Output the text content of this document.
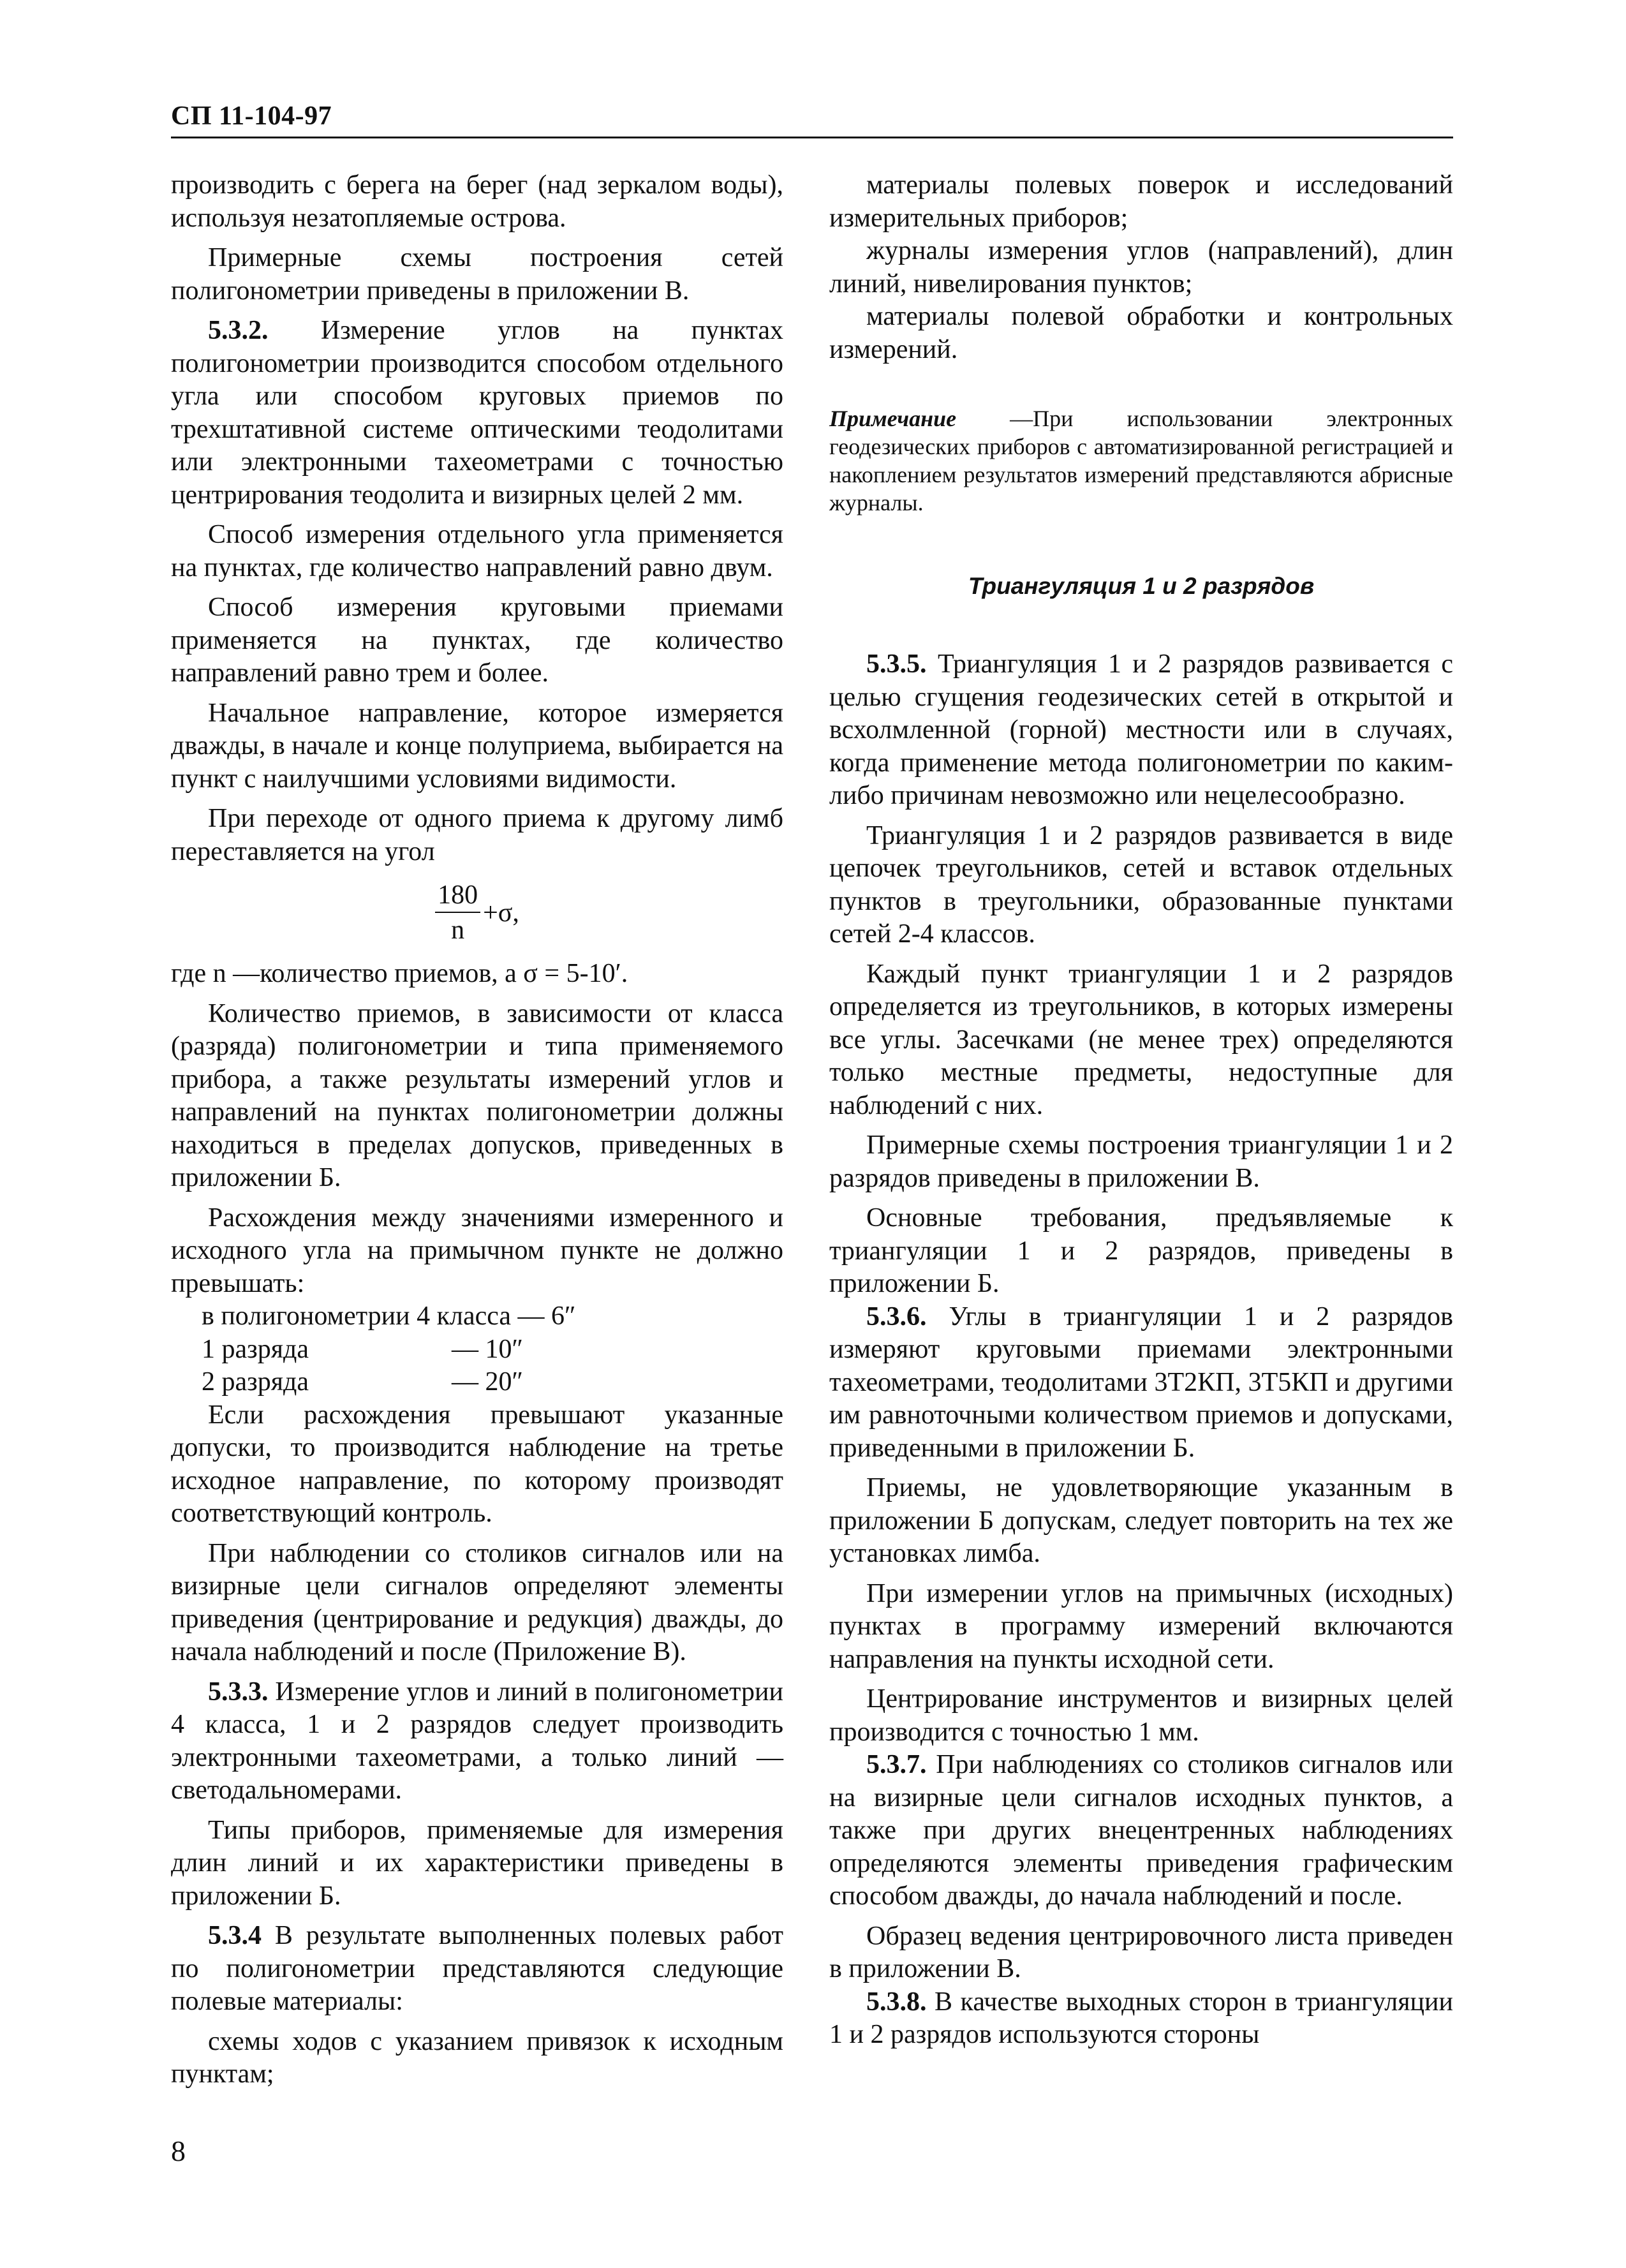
СП 11-104-97

производить с берега на берег (над зеркалом воды), используя незатопляемые острова.

Примерные схемы построения сетей полигонометрии приведены в приложении В.

5.3.2. Измерение углов на пунктах полигонометрии производится способом отдельного угла или способом круговых приемов по трехштативной системе оптическими теодолитами или электронными тахеометрами с точностью центрирования теодолита и визирных целей 2 мм.

Способ измерения отдельного угла применяется на пунктах, где количество направлений равно двум.

Способ измерения круговыми приемами применяется на пунктах, где количество направлений равно трем и более.

Начальное направление, которое измеряется дважды, в начале и конце полуприема, выбирается на пункт с наилучшими условиями видимости.

При переходе от одного приема к другому лимб переставляется на угол

$\frac{180}{n} +\sigma$,

где n —количество приемов, а σ = 5-10′.

Количество приемов, в зависимости от класса (разряда) полигонометрии и типа применяемого прибора, а также результаты измерений углов и направлений на пунктах полигонометрии должны находиться в пределах допусков, приведенных в приложении Б.

Расхождения между значениями измеренного и исходного угла на примычном пункте не должно превышать:

в полигонометрии 4 класса — 6″
1 разряда	— 10″
2 разряда	— 20″

Если расхождения превышают указанные допуски, то производится наблюдение на третье исходное направление, по которому производят соответствующий контроль.

При наблюдении со столиков сигналов или на визирные цели сигналов определяют элементы приведения (центрирование и редукция) дважды, до начала наблюдений и после (Приложение В).

5.3.3. Измерение углов и линий в полигонометрии 4 класса, 1 и 2 разрядов следует производить электронными тахеометрами, а только линий — светодальномерами.

Типы приборов, применяемые для измерения длин линий и их характеристики приведены в приложении Б.

5.3.4 В результате выполненных полевых работ по полигонометрии представляются следующие полевые материалы:

схемы ходов с указанием привязок к исходным пунктам;

материалы полевых поверок и исследований измерительных приборов;

журналы измерения углов (направлений), длин линий, нивелирования пунктов;

материалы полевой обработки и контрольных измерений.

Примечание —При использовании электронных геодезических приборов с автоматизированной регистрацией и накоплением результатов измерений представляются абрисные журналы.

Триангуляция 1 и 2 разрядов

5.3.5. Триангуляция 1 и 2 разрядов развивается с целью сгущения геодезических сетей в открытой и всхолмленной (горной) местности или в случаях, когда применение метода полигонометрии по каким-либо причинам невозможно или нецелесообразно.

Триангуляция 1 и 2 разрядов развивается в виде цепочек треугольников, сетей и вставок отдельных пунктов в треугольники, образованные пунктами сетей 2-4 классов.

Каждый пункт триангуляции 1 и 2 разрядов определяется из треугольников, в которых измерены все углы. Засечками (не менее трех) определяются только местные предметы, недоступные для наблюдений с них.

Примерные схемы построения триангуляции 1 и 2 разрядов приведены в приложении В.

Основные требования, предъявляемые к триангуляции 1 и 2 разрядов, приведены в приложении Б.

5.3.6. Углы в триангуляции 1 и 2 разрядов измеряют круговыми приемами электронными тахеометрами, теодолитами 3Т2КП, 3Т5КП и другими им равноточными количеством приемов и допусками, приведенными в приложении Б.

Приемы, не удовлетворяющие указанным в приложении Б допускам, следует повторить на тех же установках лимба.

При измерении углов на примычных (исходных) пунктах в программу измерений включаются направления на пункты исходной сети.

Центрирование инструментов и визирных целей производится с точностью 1 мм.

5.3.7. При наблюдениях со столиков сигналов или на визирные цели сигналов исходных пунктов, а также при других внецентренных наблюдениях определяются элементы приведения графическим способом дважды, до начала наблюдений и после.

Образец ведения центрировочного листа приведен в приложении В.

5.3.8. В качестве выходных сторон в триангуляции 1 и 2 разрядов используются стороны

8
